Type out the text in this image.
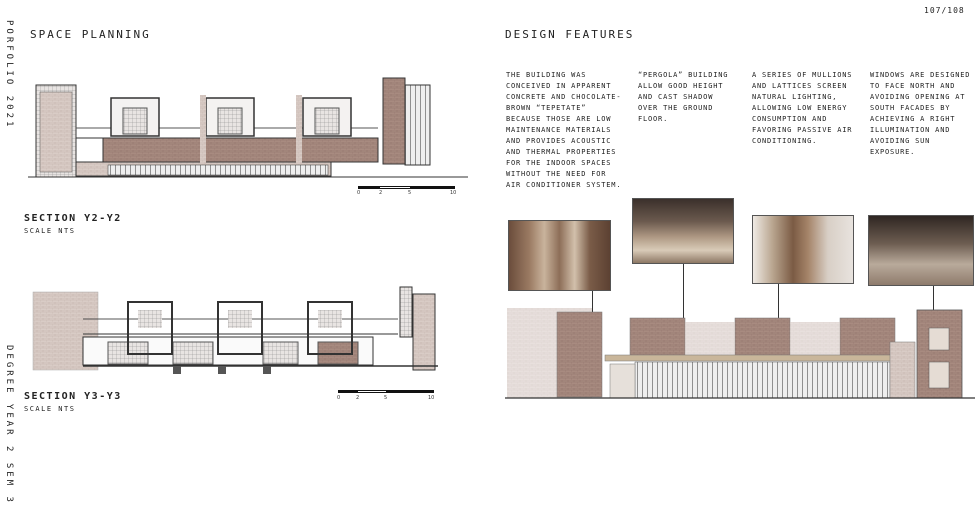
PORFOLIO 2021
DEGREE YEAR 2 SEM 3
107/108
SPACE PLANNING
0	2	5	10
SECTION Y2-Y2
SCALE NTS
0	2	5	10
SECTION Y3-Y3
SCALE NTS
DESIGN FEATURES
THE BUILDING WAS CONCEIVED IN APPARENT CONCRETE AND CHOCOLATE-BROWN “TEPETATE” BECAUSE THOSE ARE LOW MAINTENANCE MATERIALS AND PROVIDES ACOUSTIC AND THERMAL PROPERTIES FOR THE INDOOR SPACES WITHOUT THE NEED FOR AIR CONDITIONER SYSTEM.
“PERGOLA” BUILDING ALLOW GOOD HEIGHT AND CAST SHADOW OVER THE GROUND FLOOR.
A SERIES OF MULLIONS AND LATTICES SCREEN NATURAL LIGHTING, ALLOWING LOW ENERGY CONSUMPTION AND FAVORING PASSIVE AIR CONDITIONING.
WINDOWS ARE DESIGNED TO FACE NORTH AND AVOIDING OPENING AT SOUTH FACADES BY ACHIEVING A RIGHT ILLUMINATION AND AVOIDING SUN EXPOSURE.
